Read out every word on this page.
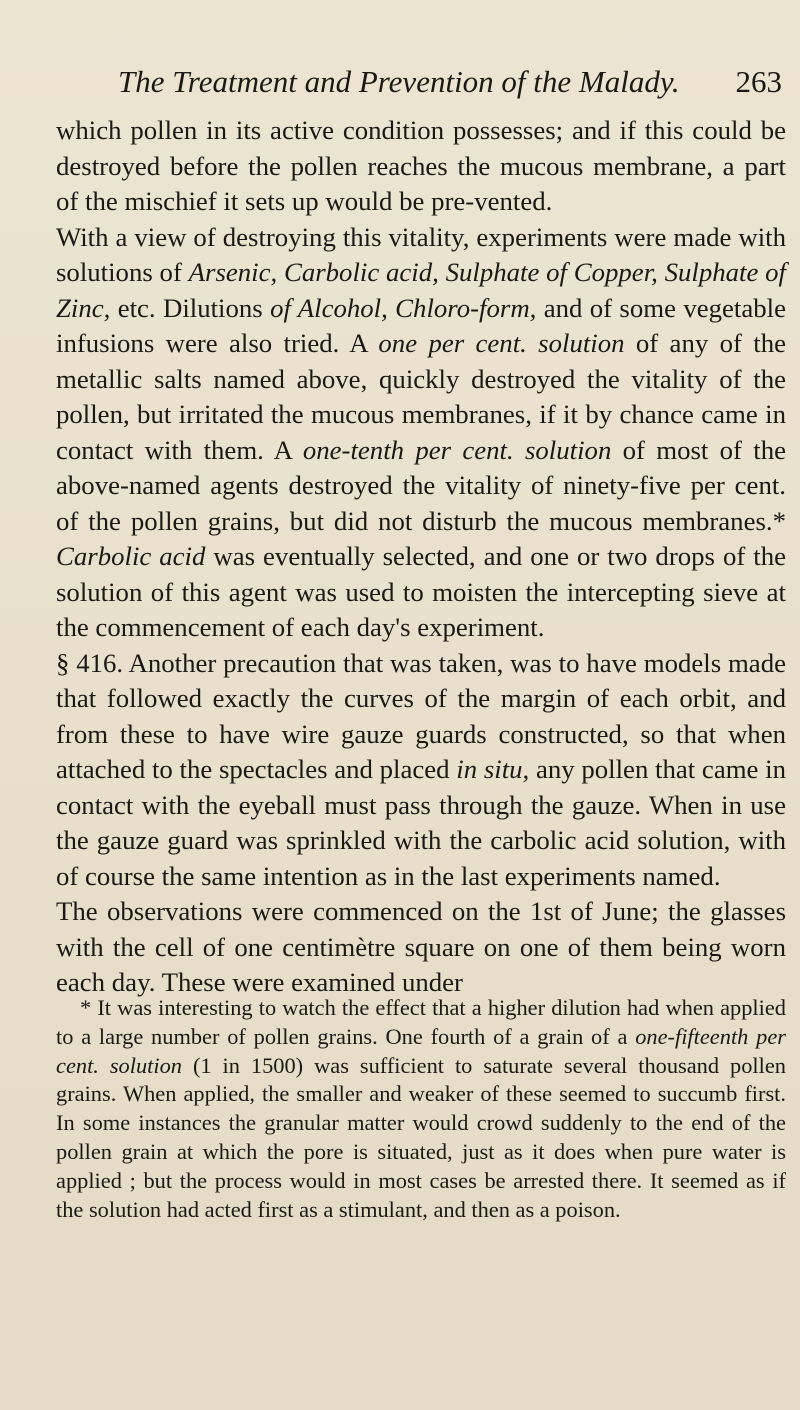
The Treatment and Prevention of the Malady. 263

which pollen in its active condition possesses; and if this could be destroyed before the pollen reaches the mucous membrane, a part of the mischief it sets up would be pre-vented.

With a view of destroying this vitality, experiments were made with solutions of Arsenic, Carbolic acid, Sulphate of Copper, Sulphate of Zinc, etc. Dilutions of Alcohol, Chloro-form, and of some vegetable infusions were also tried. A one per cent. solution of any of the metallic salts named above, quickly destroyed the vitality of the pollen, but irritated the mucous membranes, if it by chance came in contact with them. A one-tenth per cent. solution of most of the above-named agents destroyed the vitality of ninety-five per cent. of the pollen grains, but did not disturb the mucous membranes.* Carbolic acid was eventually selected, and one or two drops of the solution of this agent was used to moisten the intercepting sieve at the commencement of each day's experiment.

§ 416. Another precaution that was taken, was to have models made that followed exactly the curves of the margin of each orbit, and from these to have wire gauze guards constructed, so that when attached to the spectacles and placed in situ, any pollen that came in contact with the eyeball must pass through the gauze. When in use the gauze guard was sprinkled with the carbolic acid solution, with of course the same intention as in the last experiments named.

The observations were commenced on the 1st of June; the glasses with the cell of one centimètre square on one of them being worn each day. These were examined under

* It was interesting to watch the effect that a higher dilution had when applied to a large number of pollen grains. One fourth of a grain of a one-fifteenth per cent. solution (1 in 1500) was sufficient to saturate several thousand pollen grains. When applied, the smaller and weaker of these seemed to succumb first. In some instances the granular matter would crowd suddenly to the end of the pollen grain at which the pore is situated, just as it does when pure water is applied ; but the process would in most cases be arrested there. It seemed as if the solution had acted first as a stimulant, and then as a poison.
